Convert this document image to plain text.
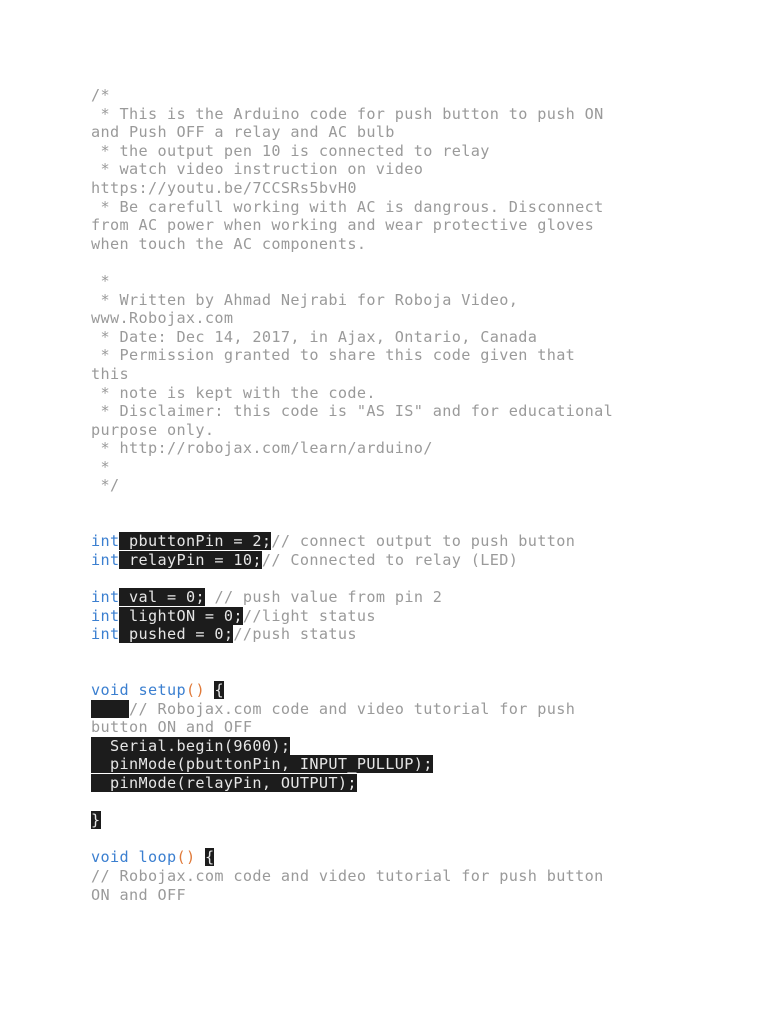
/*
* This is the Arduino code for push button to push ON
and Push OFF a relay and AC bulb
* the output pen 10 is connected to relay
* watch video instruction on video
https://youtu.be/7CCSRs5bvH0
* Be carefull working with AC is dangrous. Disconnect
from AC power when working and wear protective gloves
when touch the AC components.
*
* Written by Ahmad Nejrabi for Roboja Video,
www.Robojax.com
* Date: Dec 14, 2017, in Ajax, Ontario, Canada
* Permission granted to share this code given that
this
* note is kept with the code.
* Disclaimer: this code is "AS IS" and for educational
purpose only.
* http://robojax.com/learn/arduino/
*
*/
int pbuttonPin = 2;// connect output to push button
int relayPin = 10;// Connected to relay (LED)
int val = 0; // push value from pin 2
int lightON = 0;//light status
int pushed = 0;//push status
void setup() {
// Robojax.com code and video tutorial for push
button ON and OFF
Serial.begin(9600);
pinMode(pbuttonPin, INPUT_PULLUP);
pinMode(relayPin, OUTPUT);
}
void loop() {
// Robojax.com code and video tutorial for push button
ON and OFF
